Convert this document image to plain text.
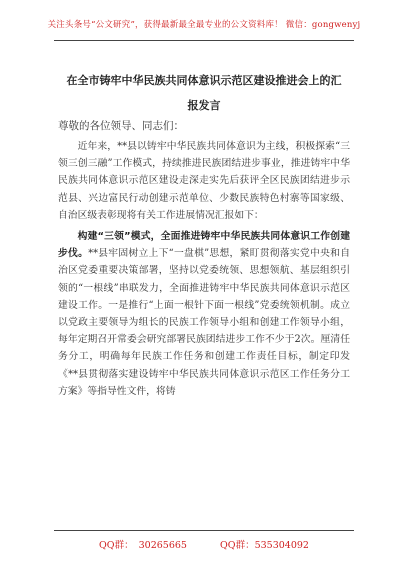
关注头条号“公文研究”，获得最新最全最专业的公文资料库！ 微信：gongwenyj
在全市铸牢中华民族共同体意识示范区建设推进会上的汇
报发言
尊敬的各位领导、同志们：

近年来，**县以铸牢中华民族共同体意识为主线，积极探索“三领三创三融”工作模式，持续推进民族团结进步事业，推进铸牢中华民族共同体意识示范区建设走深走实先后获评全区民族团结进步示范县、兴边富民行动创建示范单位、少数民族特色村寨等国家级、自治区级表彰现将有关工作进展情况汇报如下：

构建“三领”模式，全面推进铸牢中华民族共同体意识工作创建步伐。**县牢固树立上下“一盘棋”思想，紧盯贯彻落实党中央和自治区党委重要决策部署，坚持以党委统领、思想领航、基层组织引领的“一根线”串联发力，全面推进铸牢中华民族共同体意识示范区建设工作。一是推行“上面一根针下面一根线”党委统领机制。成立以党政主要领导为组长的民族工作领导小组和创建工作领导小组，每年定期召开常委会研究部署民族团结进步工作不少于2次。厘清任务分工，明确每年民族工作任务和创建工作责任目标，制定印发《**县贯彻落实建设铸牢中华民族共同体意识示范区工作任务分工方案》等指导性文件，将铸

QQ群： 30265665	QQ群：535304092
